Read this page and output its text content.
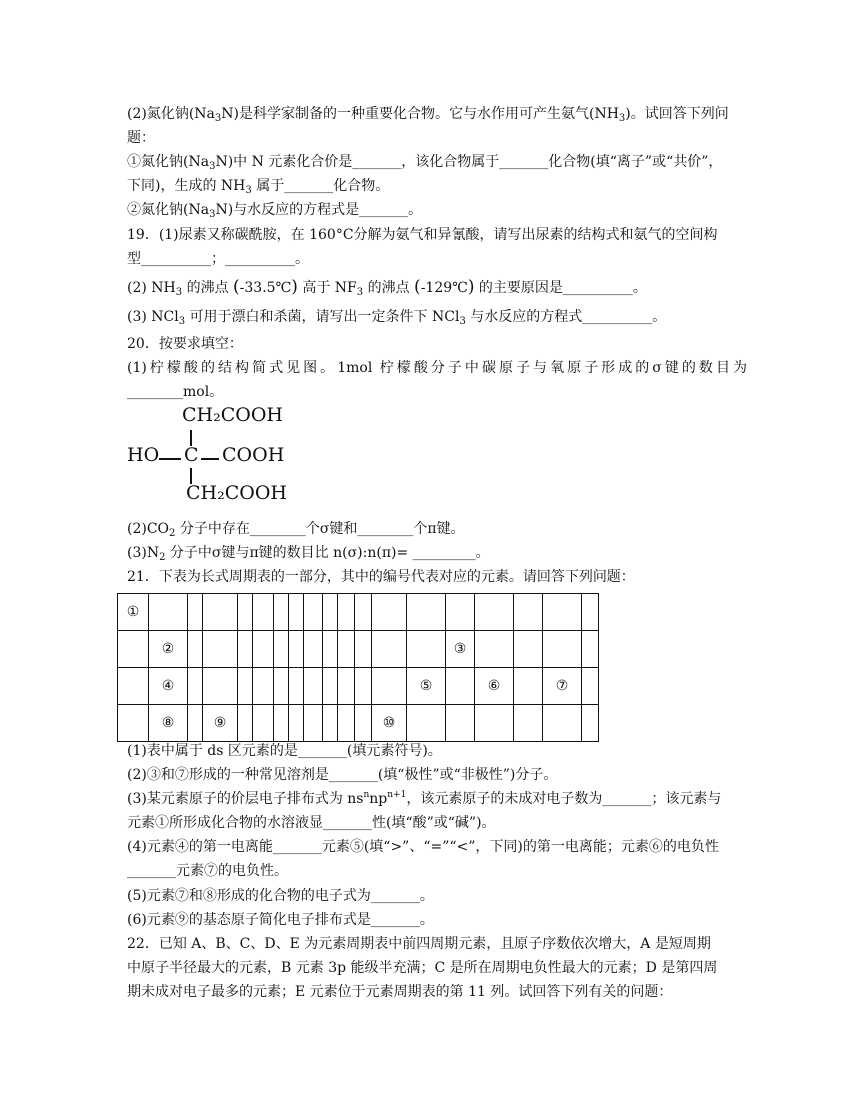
(2)氮化钠$(Na_3N)$是科学家制备的一种重要化合物。它与水作用可产生氨气$(NH_3)$。试回答下列问
题：
①氮化钠$(Na_3N)$中 N 元素化合价是_______，该化合物属于_______化合物(填“离子”或“共价”，
下同)，生成的 $NH_3$ 属于_______化合物。
②氮化钠$(Na_3N)$与水反应的方程式是_______。
19．(1)尿素又称碳酰胺，在 160°C分解为氨气和异氰酸，请写出尿素的结构式和氨气的空间构
型__________；__________。
(2) $NH_3$ 的沸点 (-33.5℃) 高于 $NF_3$ 的沸点 (-129℃) 的主要原因是__________。
(3) NCl$_3$ 可用于漂白和杀菌，请写出一定条件下 NCl$_3$ 与水反应的方程式__________。
20．按要求填空：
(1)柠檬酸的结构简式见图。1mol 柠檬酸分子中碳原子与氧原子形成的σ键的数目为
________mol。
$(2)CO_2$ 分子中存在________个σ键和________个π键。
$(3)N_2$ 分子中σ键与π键的数目比 n(σ):n(π)= _________。
21．下表为长式周期表的一部分，其中的编号代表对应的元素。请回答下列问题：
(1)表中属于 ds 区元素的是_______(填元素符号)。
(2)③和⑦形成的一种常见溶剂是_______(填“极性”或“非极性”)分子。
(3)某元素原子的价层电子排布式为 $ns^nnp^{n+1}$，该元素原子的未成对电子数为_______；该元素与
元素①所形成化合物的水溶液显_______性(填“酸”或“碱”)。
(4)元素④的第一电离能_______元素⑤(填“>”、“=”“<”，下同)的第一电离能；元素⑥的电负性
_______元素⑦的电负性。
(5)元素⑦和⑧形成的化合物的电子式为_______。
(6)元素⑨的基态原子简化电子排布式是_______。
22．已知 A、B、C、D、E 为元素周期表中前四周期元素，且原子序数依次增大，A 是短周期
中原子半径最大的元素，B 元素 3p 能级半充满；C 是所在周期电负性最大的元素；D 是第四周
期未成对电子最多的元素；E 元素位于元素周期表的第 11 列。试回答下列有关的问题：
CH₂COOH
HO C COOH
CH₂COOH
①																		
	②													③				
	④												⑤		⑥		⑦	
	⑧		⑨									⑩						
